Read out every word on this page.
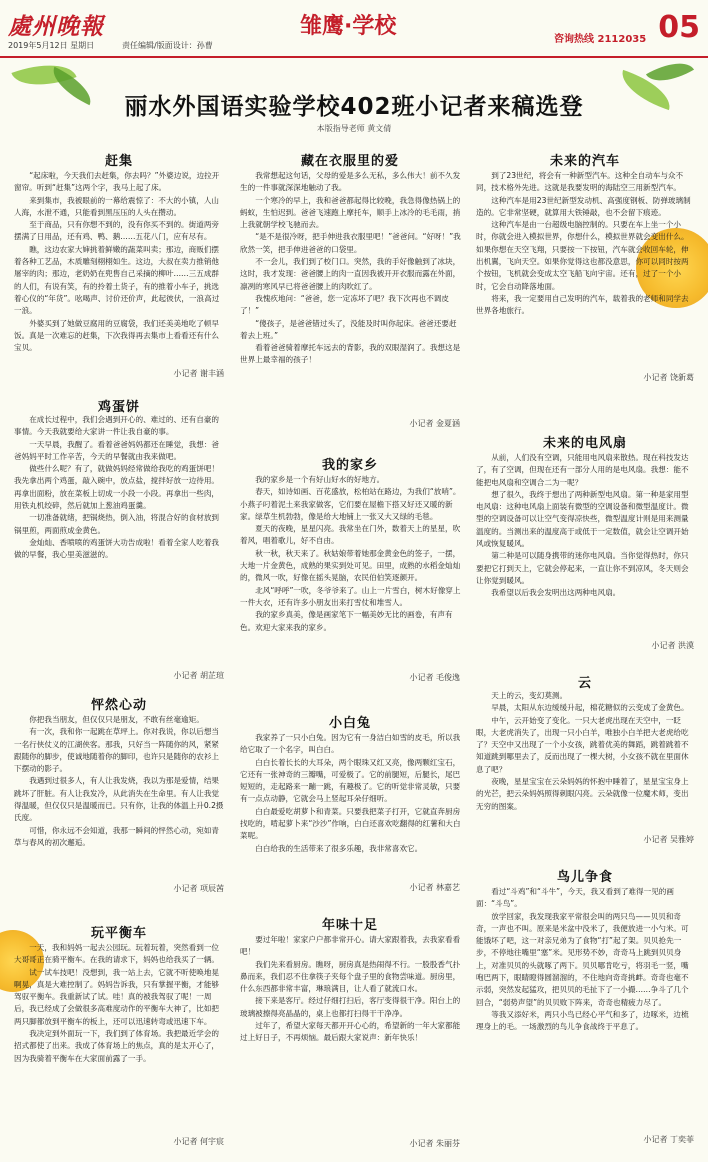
處州晚報	雏鹰·学校	05
2019年5月12日 星期日	责任编辑/版面设计：孙曹
咨询热线 2112035
丽水外国语实验学校402班小记者来稿选登
本版指导老师 黄文倩
赶集

“起床啦，今天我们去赶集，你去吗？”外婆边说，边拉开窗帘。听到“赶集”这两个字，我马上起了床。

来到集市，我被眼前的一幕给震惊了：不大的小镇，人山人海，水泄不通，只能看到黑压压的人头在攒动。

至于商品，只有你想不到的，没有你买不到的。街道两旁摆满了日用品，还有鸡、鸭、鹅……五花八门，应有尽有。

瞧，这边农家大婶挑着鲜嫩的蔬菜叫卖；那边，商贩们摆着各种工艺品，木质雕刻栩栩如生。这边，大叔在卖力推销他屠宰的肉；那边，老奶奶在兜售自己采摘的柳叶……三五成群的人们，有说有笑，有的拎着土货子，有的推着小车子，挑选着心仪的“年货”。吆喝声、讨价还价声，此起彼伏，一浪高过一浪。

外婆买到了她做豆腐用的豆腐袋，我们还美美地吃了顿早饭。真是一次难忘的赶集，下次我得再去集市上看看还有什么宝贝。

小记者 谢丰涵
鸡蛋饼

在成长过程中，我们会遇到开心的、难过的、还有自豪的事情。今天我就要给大家讲一件让我自豪的事。

一天早晨，我醒了。看着爸爸妈妈都还在睡觉，我想：爸爸妈妈平时工作辛苦，今天的早餐就由我来做吧。

做些什么呢？有了，就做妈妈经常做给我吃的鸡蛋饼吧！我先拿出两个鸡蛋，敲入碗中，放点盐，搅拌好放一边待用。再拿出面粉，放在菜板上切成一小段一小段。再拿出一些肉，用铁丸机绞碎，然后就加上葱油鸡蛋羹。

一切准备就绪，把锅烧热，倒入油，将混合好的食材放到锅里煎，两面煎成金黄色。

金灿灿、香喷喷的鸡蛋饼大功告成啦！看着全家人吃着我做的早餐，我心里美滋滋的。

小记者 胡芷瑄
怦然心动

你把我当朋友，但仅仅只是朋友，不敢有丝毫逾矩。

有一次，我和你一起跳在草坪上。你对我说，你以后想当一名行侠仗义的江湖侠客。那我，只好当一阵随你的风，紧紧跟随你的脚步，使诚地随着你的脚印，也许只是随你的农衫上下摆动的影子。

我遇到过很多人，有人让我发烧，我以为那是爱情，结果跳坏了肝脏。有人让我发冷，从此消失在生命里。有人让我觉得温暖，但仅仅只是温暖而已。只有你，让我的体温上升0.2摄氏度。

可惜，你永远不会知道，我那一瞬间的怦然心动，宛如青草与春风的初次邂逅。

小记者 项辰茜
玩平衡车

一天，我和妈妈一起去公园玩。玩着玩着，突然看到一位大哥哥正在骑平衡车。在我的请求下，妈妈也给我买了一辆。

试一试车技吧！没想到，我一站上去，它就不听使唤地晃啊晃，真是大难控制了。妈妈告诉我，只有掌握平衡，才能够驾驭平衡车。我重新试了试。哇！真的被我驾驭了呢！一周后，我已经成了会做很多高难度动作的平衡车大神了，比如把两只脚都放到平衡车的板上，还可以迅速转弯或迅速下车。

我决定到外面玩一下，我们到了体育场。我把最近学会的招式都使了出来。我成了体育场上的焦点，真的是太开心了，因为我骑着平衡车在大家面前露了一手。

小记者 何宇宸
藏在衣服里的爱

我常想起这句话，父母的爱是多么无私，多么伟大！前不久发生的一件事就深深地触动了我。

一个寒冷的早上，我和爸爸都起得比较晚，我急得像热锅上的蚂蚁，生怕迟到。爸爸飞速跑上摩托车，顺手上冰冷的毛毛雨，捎上我就朝学校飞驰而去。

“是不是很冷呀，把手伸进我衣服里吧！”爸爸问。“好呀！”我欣然一笑，把手伸进爸爸的口袋里。

不一会儿，我们到了校门口。突然，我的手好像触到了冰块，这时，我才发现：爸爸腰上的肉一直因我被开开衣服而露在外面，凛冽的寒风早已将爸爸腰上的肉吹红了。

我愧疚地问：“爸爸，您一定冻坏了吧？我下次再也不调皮了！”

“傻孩子，是爸爸错过头了，没能及时叫你起床。爸爸还要赶着去上班。”

看着爸爸骑着摩托车远去的背影，我的双眼湿润了。我想这是世界上最幸福的孩子！

小记者 金夏涵
我的家乡

我的家乡是一个有好山好水的好地方。

春天，如诗如画、百花盛放，松柏站在路边，为我们“放哨”。小燕子叼着泥土来我家做客，它们要在屋檐下搭又好还又暖的新家。绿草生机勃勃，像是给大地铺上一张又大又绿的毛毯。

夏天的夜晚，星星闪亮。我常坐在门外，数着天上的星星，吹着风，唱着歌儿，好不自由。

秋一秋，秋天来了。秋姑娘带着她那金黄金色的签子，一摆，大地一片金黄色，成熟的果实到处可见。田里，成熟的水稻金灿灿的，微风一吹，好像在摇头晃脑，农民伯伯笑逐颜开。

北风“呼呼”一吹，冬爷爷来了。山上一片雪白，树木好像穿上一件大衣，还有许多小朋友出来打雪仗和堆雪人。

我的家乡真美，像是画家笔下一幅美妙无比的画卷，有声有色。欢迎大家来我的家乡。

小记者 毛俊逸
小白兔

我家养了一只小白兔。因为它有一身洁白如雪的皮毛，所以我给它取了一个名字，叫白白。

白白长着长长的大耳朵，两个眼珠又红又亮，像两颗红宝石，它还有一张神奇的三瓣嘴，可爱极了。它的前腿短，后腿长，尾巴短短的，走起路来一蹦一跳，有趣极了。它的听觉非常灵敏，只要有一点点动静，它就会马上竖起耳朵仔细听。

白白最爱吃胡萝卜和青菜。只要我把菜子打开，它就直奔厨房找吃的，啃起萝卜来“沙沙”作响，白白还喜欢吃翻得的红薯和大白菜呢。

白白给我的生活带来了很多乐趣，我非常喜欢它。

小记者 林嘉艺
年味十足

要过年啦！家家户户都非常开心。请大家跟着我，去我家看看吧！

我们先来看厨房。瞧呀，厨房真是热闹得不行。一股股香气扑鼻而来，我们忍不住拿筷子夹每个盘子里的食物尝味道。厨房里，什么东西都非常丰富，琳琅满目，让人看了就流口水。

接下来是客厅。经过仔细打扫后，客厅变得很干净。阳台上的玻璃被擦得亮晶晶的，桌上也都打扫得干干净净。

过年了，希望大家每天都开开心心的，希望新的一年大家都能过上好日子，不再烦恼。最后跟大家说声：新年快乐！

小记者 朱丽芬
未来的汽车

到了23世纪，将会有一种新型汽车。这种全自动车与众不同，技术格外先进。这就是我要发明的海陆空三用新型汽车。

这种汽车是用23世纪新型发动机、高强度钢板、防弹玻璃制造的。它非常坚硬，就算用大铁锤敲，也不会留下痕迹。

这种汽车是由一台超级电脑控制的。只要在车上坐一个小时，你就会进入模拟世界，你想什么，模拟世界就会变出什么。如果你想在天空飞翔，只要按一下按钮，汽车就会收回车轮，伸出机翼，飞向天空。如果你觉得这也都没意思，你可以同时按两个按钮，飞机就会变成太空飞船飞向宇宙。还有，过了一个小时，它会自动降落地面。

将来，我一定要用自己发明的汽车，载着我的老师和同学去世界各地旅行。

小记者 饶新葛
未来的电风扇

从前，人们没有空调，只能用电风扇来散热。现在科技发达了，有了空调，但现在还有一部分人用的是电风扇。我想：能不能把电风扇和空调合二为一呢？

想了很久，我终于想出了两种新型电风扇。第一种是家用型电风扇：这种电风扇上面装有微型的空调设备和微型温度计。微型的空调设备可以让空气变得凉快些，微型温度计则是用来测量温度的。当测出来的温度高于或低于一定数值，就会让空调开始风或恢复暖风。

第二种是可以随身携带的迷你电风扇。当你觉得热时，你只要把它打到天上，它就会停起来，一直让你不到凉风，冬天则会让你觉到暖风。

我希望以后我会发明出这两种电风扇。

小记者 洪漠
云

天上的云，变幻莫测。

早晨，太阳从东边缓缓升起，棉花糖似的云变成了金黄色。

中午，云开始变了变化。一只大老虎出现在天空中，一眨眼，大老虎消失了，出现一只小白羊，唯独小白羊把大老虎给吃了？天空中又出现了一个小女孩，跳着优美的舞蹈，跳着跳着不知道跳到哪里去了，反而出现了一棵大树，小女孩不就在里面休息了吧？

夜晚，星星宝宝在云朵妈妈的怀抱中睡着了，星星宝宝身上的光芒，把云朵妈妈照得刺眼闪亮。云朵就像一位魔术师，变出无穷的图案。

小记者 吴雅婷
鸟儿争食

看过“斗鸡”和“斗牛”，今天，我又看到了难得一见的画面：“斗鸟”。

放学回家，我发现我家平常很会叫的两只鸟——贝贝和奇奇，一声也不叫。原来是米盆中没米了，我便放进一小勺米。可能饿坏了吧，这一对亲兄弟为了食物“打”起了架。贝贝抢先一步，不停地往嘴里“塞”米。见形势不妙，奇奇马上跳到贝贝身上，对准贝贝的头就啄了两下。贝贝哪肯吃亏，将羽毛一竖，嘴咆巴两下，眼睛瞪得圆溜溜的，不住地向奇奇挑衅。奇奇也毫不示弱，突然发起猛攻，把贝贝的毛扯下了一小撮……争斗了几个回合，“弱势声望”的贝贝败下阵来，奇奇也精疲力尽了。

等我又添好米，两只小鸟已经心平气和多了，边啄米，边梳理身上的毛。一场激烈的鸟儿争食战终于平息了。

小记者 丁奕菲
